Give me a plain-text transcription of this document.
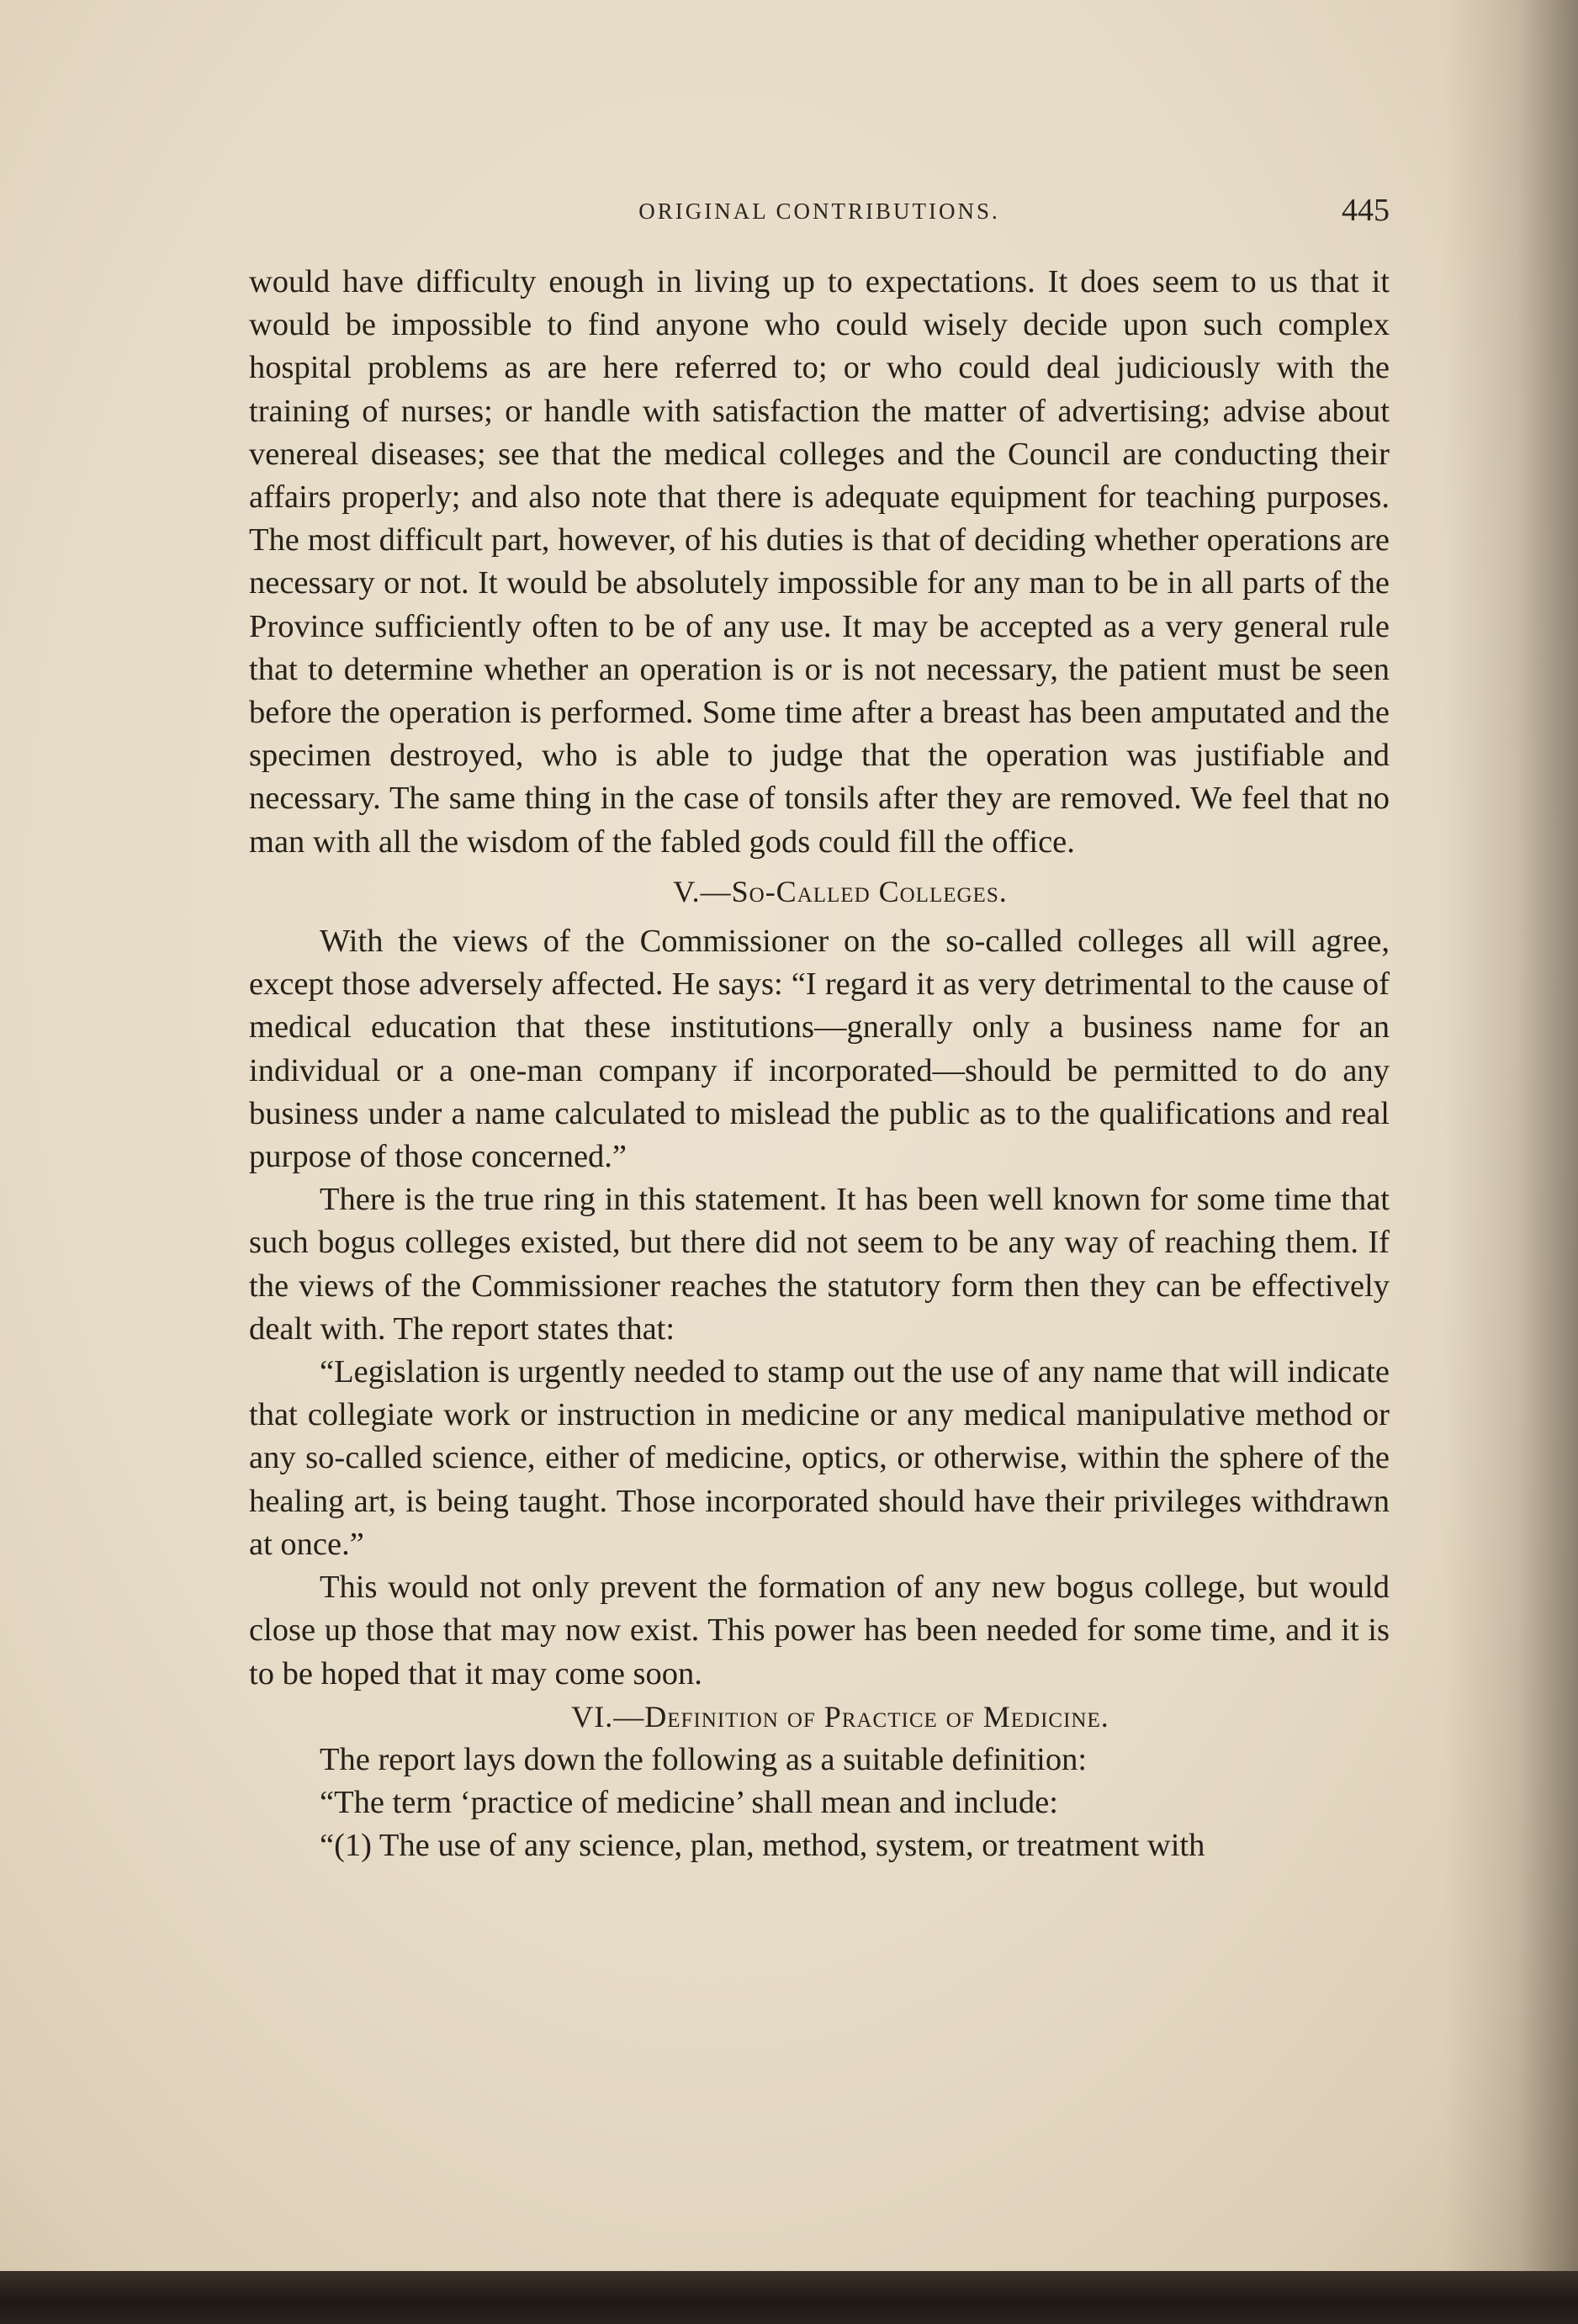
ORIGINAL CONTRIBUTIONS.	445

would have difficulty enough in living up to expectations. It does seem to us that it would be impossible to find anyone who could wisely decide upon such complex hospital problems as are here referred to; or who could deal judiciously with the training of nurses; or handle with satisfaction the matter of advertising; advise about venereal diseases; see that the medical colleges and the Council are conducting their affairs properly; and also note that there is adequate equipment for teaching purposes. The most difficult part, however, of his duties is that of deciding whether operations are necessary or not. It would be absolutely impossible for any man to be in all parts of the Province sufficiently often to be of any use. It may be accepted as a very general rule that to determine whether an operation is or is not necessary, the patient must be seen before the operation is performed. Some time after a breast has been amputated and the specimen destroyed, who is able to judge that the operation was justifiable and necessary. The same thing in the case of tonsils after they are removed. We feel that no man with all the wisdom of the fabled gods could fill the office.

V.—So-Called Colleges.

With the views of the Commissioner on the so-called colleges all will agree, except those adversely affected. He says: “I regard it as very detrimental to the cause of medical education that these institutions—gnerally only a business name for an individual or a one-man company if incorporated—should be permitted to do any business under a name calculated to mislead the public as to the qualifications and real purpose of those concerned.”

There is the true ring in this statement. It has been well known for some time that such bogus colleges existed, but there did not seem to be any way of reaching them. If the views of the Commissioner reaches the statutory form then they can be effectively dealt with. The report states that:

“Legislation is urgently needed to stamp out the use of any name that will indicate that collegiate work or instruction in medicine or any medical manipulative method or any so-called science, either of medicine, optics, or otherwise, within the sphere of the healing art, is being taught. Those incorporated should have their privileges withdrawn at once.”

This would not only prevent the formation of any new bogus college, but would close up those that may now exist. This power has been needed for some time, and it is to be hoped that it may come soon.

VI.—Definition of Practice of Medicine.

The report lays down the following as a suitable definition:

“The term ‘practice of medicine’ shall mean and include:

“(1) The use of any science, plan, method, system, or treatment with
